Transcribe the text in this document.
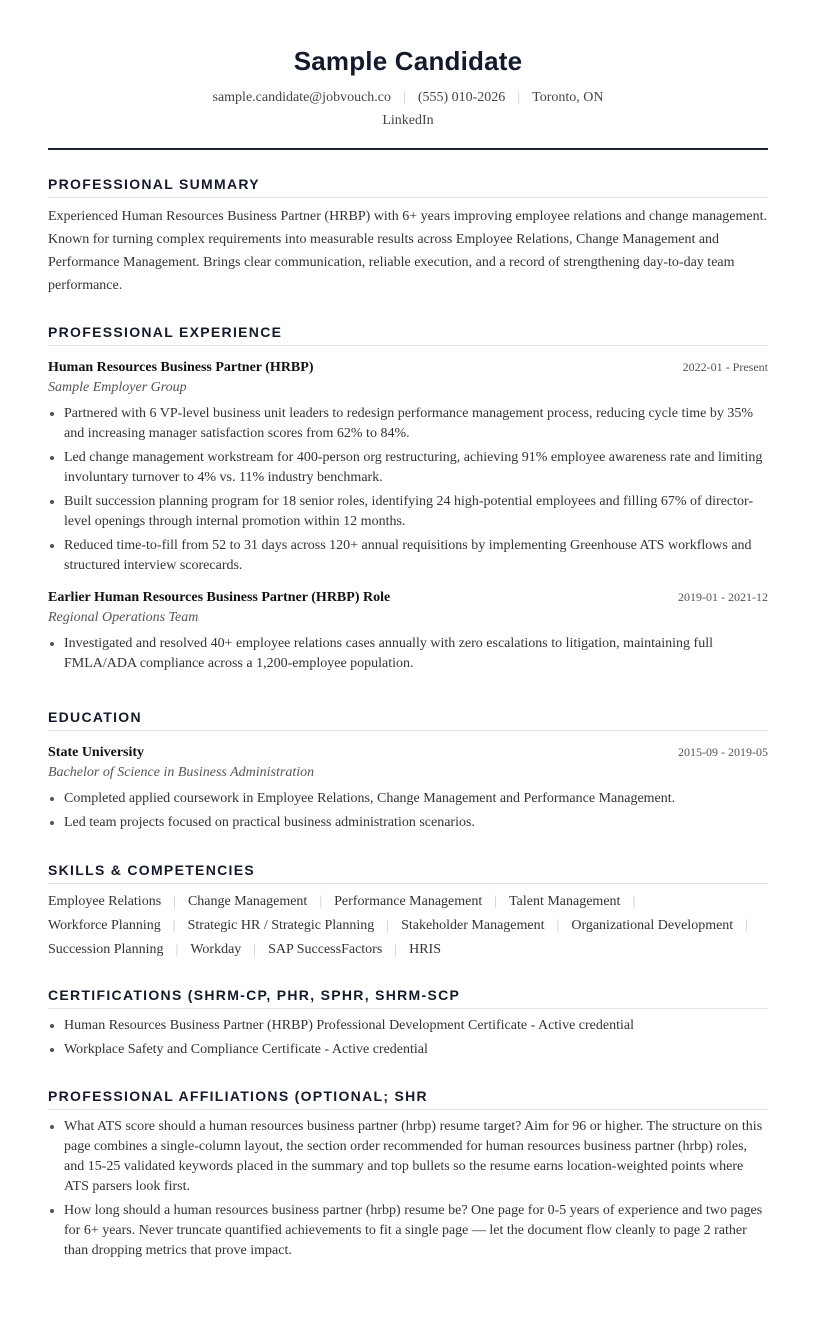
Sample Candidate
sample.candidate@jobvouch.co | (555) 010-2026 | Toronto, ON
LinkedIn
PROFESSIONAL SUMMARY
Experienced Human Resources Business Partner (HRBP) with 6+ years improving employee relations and change management. Known for turning complex requirements into measurable results across Employee Relations, Change Management and Performance Management. Brings clear communication, reliable execution, and a record of strengthening day-to-day team performance.
PROFESSIONAL EXPERIENCE
Human Resources Business Partner (HRBP)	2022-01 - Present
Sample Employer Group
Partnered with 6 VP-level business unit leaders to redesign performance management process, reducing cycle time by 35% and increasing manager satisfaction scores from 62% to 84%.
Led change management workstream for 400-person org restructuring, achieving 91% employee awareness rate and limiting involuntary turnover to 4% vs. 11% industry benchmark.
Built succession planning program for 18 senior roles, identifying 24 high-potential employees and filling 67% of director-level openings through internal promotion within 12 months.
Reduced time-to-fill from 52 to 31 days across 120+ annual requisitions by implementing Greenhouse ATS workflows and structured interview scorecards.
Earlier Human Resources Business Partner (HRBP) Role	2019-01 - 2021-12
Regional Operations Team
Investigated and resolved 40+ employee relations cases annually with zero escalations to litigation, maintaining full FMLA/ADA compliance across a 1,200-employee population.
EDUCATION
State University	2015-09 - 2019-05
Bachelor of Science in Business Administration
Completed applied coursework in Employee Relations, Change Management and Performance Management.
Led team projects focused on practical business administration scenarios.
SKILLS & COMPETENCIES
Employee Relations | Change Management | Performance Management | Talent Management |
Workforce Planning | Strategic HR / Strategic Planning | Stakeholder Management | Organizational Development |
Succession Planning | Workday | SAP SuccessFactors | HRIS
CERTIFICATIONS (SHRM-CP, PHR, SPHR, SHRM-SCP
Human Resources Business Partner (HRBP) Professional Development Certificate - Active credential
Workplace Safety and Compliance Certificate - Active credential
PROFESSIONAL AFFILIATIONS (OPTIONAL; SHR
What ATS score should a human resources business partner (hrbp) resume target? Aim for 96 or higher. The structure on this page combines a single-column layout, the section order recommended for human resources business partner (hrbp) roles, and 15-25 validated keywords placed in the summary and top bullets so the resume earns location-weighted points where ATS parsers look first.
How long should a human resources business partner (hrbp) resume be? One page for 0-5 years of experience and two pages for 6+ years. Never truncate quantified achievements to fit a single page — let the document flow cleanly to page 2 rather than dropping metrics that prove impact.
